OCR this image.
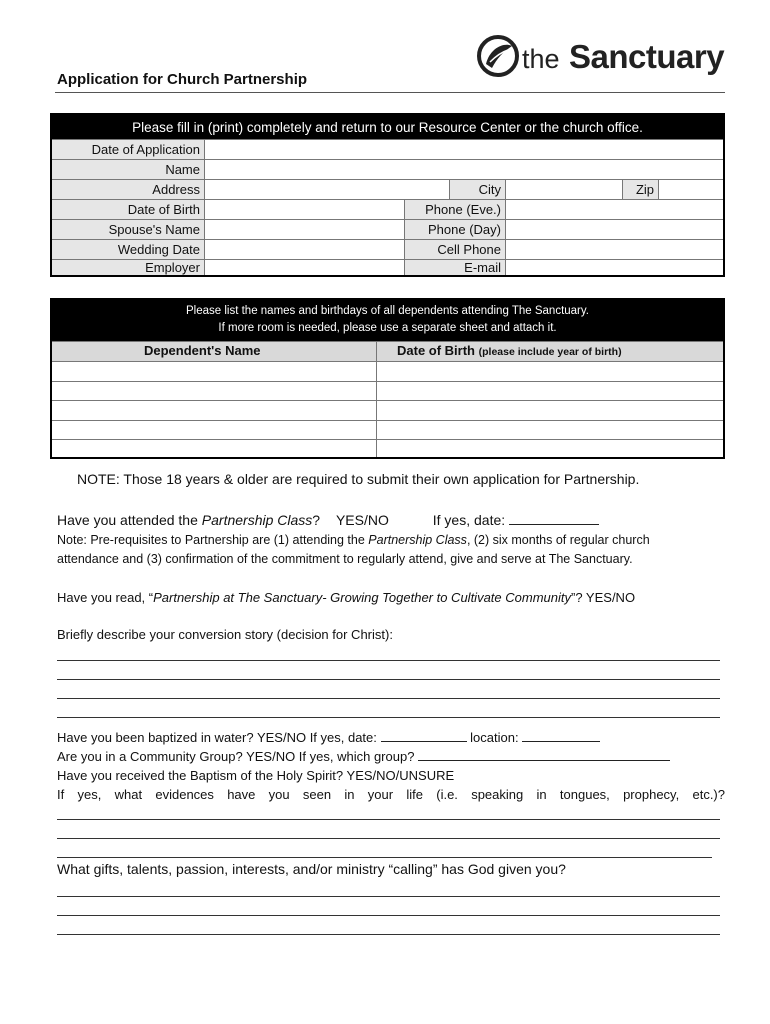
Application for Church Partnership
the Sanctuary
Please fill in (print) completely and return to our Resource Center or the church office.
Date of Application
Name
Address	City	Zip
Date of Birth	Phone (Eve.)
Spouse's Name	Phone (Day)
Wedding Date	Cell Phone
Employer	E-mail
Please list the names and birthdays of all dependents attending The Sanctuary.
If more room is needed, please use a separate sheet and attach it.
Dependent's Name	Date of Birth (please include year of birth)
NOTE: Those 18 years & older are required to submit their own application for Partnership.
Have you attended the Partnership Class? YES/NO	If yes, date:
Note: Pre-requisites to Partnership are (1) attending the Partnership Class, (2) six months of regular church
attendance and (3) confirmation of the commitment to regularly attend, give and serve at The Sanctuary.
Have you read, “Partnership at The Sanctuary- Growing Together to Cultivate Community”? YES/NO
Briefly describe your conversion story (decision for Christ):
Have you been baptized in water? YES/NO If yes, date:	location:
Are you in a Community Group? YES/NO If yes, which group?
Have you received the Baptism of the Holy Spirit? YES/NO/UNSURE
If yes, what evidences have you seen in your life (i.e. speaking in tongues, prophecy, etc.)?
What gifts, talents, passion, interests, and/or ministry “calling” has God given you?
